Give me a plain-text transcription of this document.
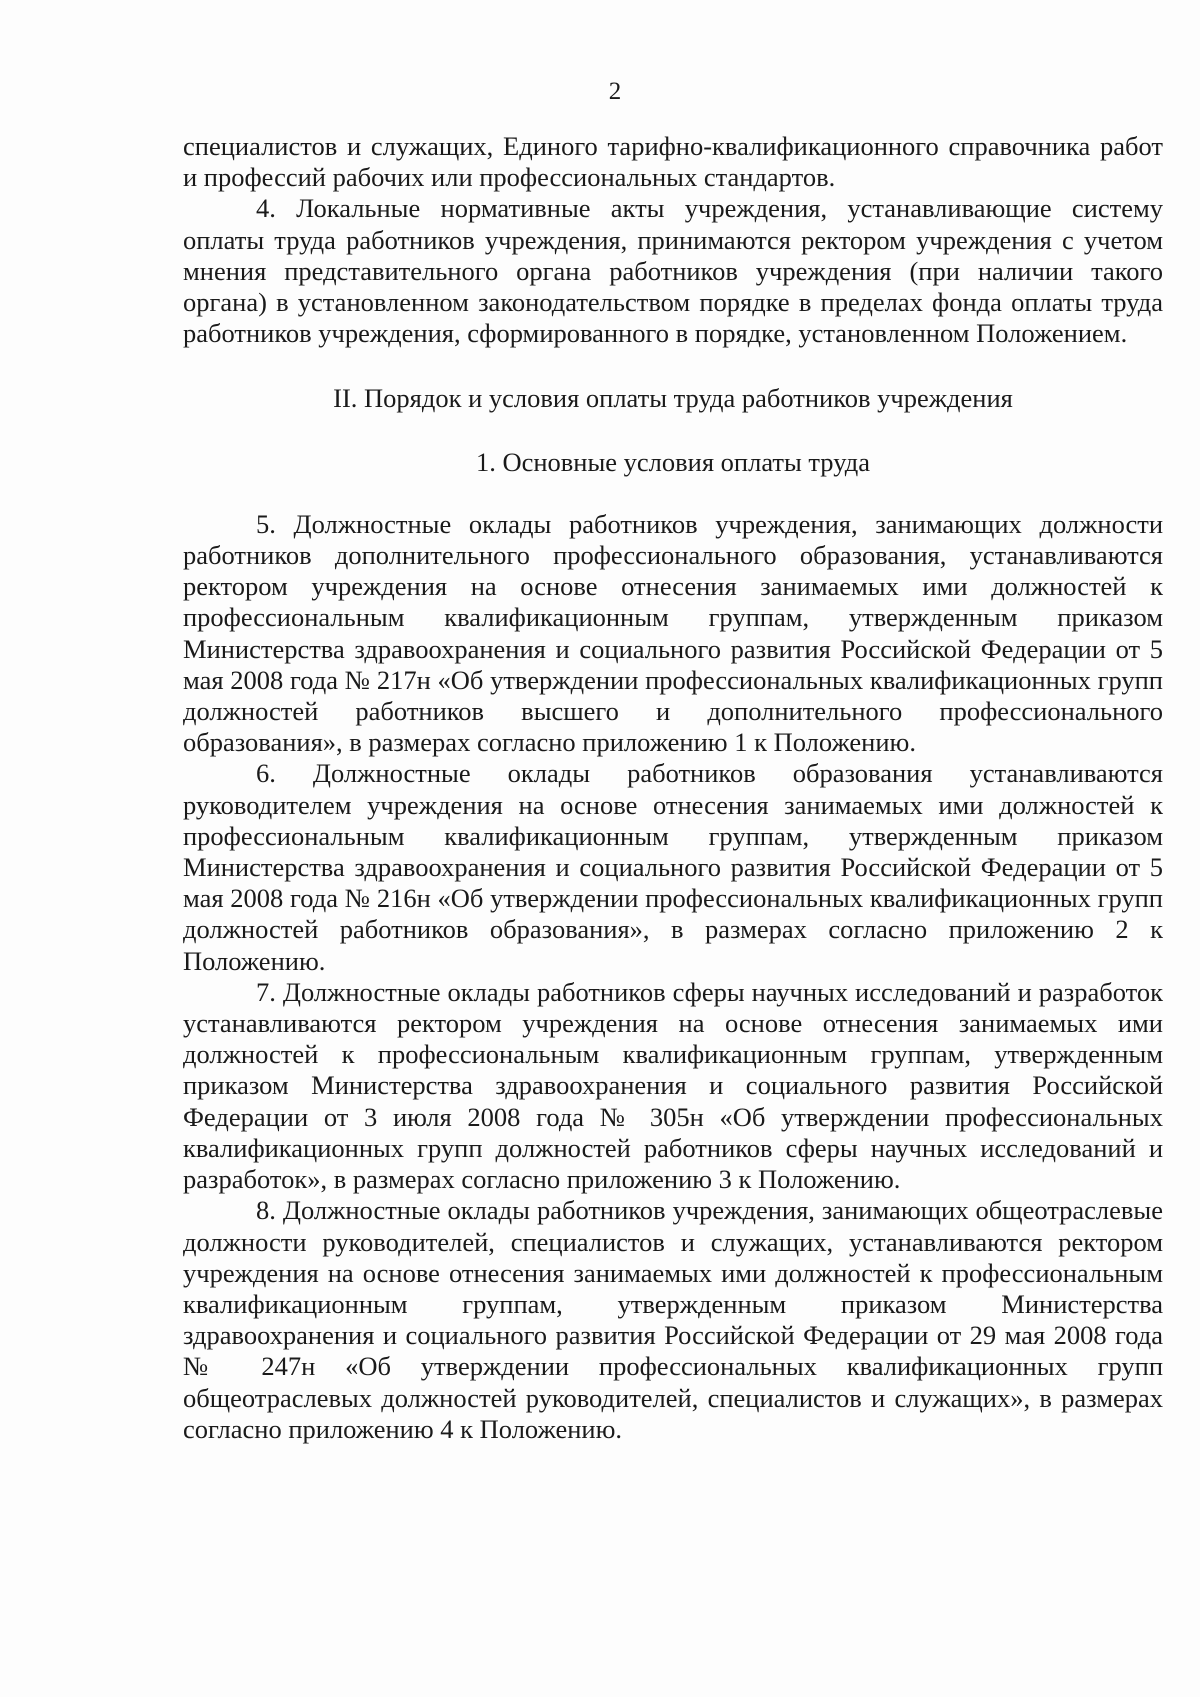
2

специалистов и служащих, Единого тарифно-квалификационного справочника работ и профессий рабочих или профессиональных стандартов.

4. Локальные нормативные акты учреждения, устанавливающие систему оплаты труда работников учреждения, принимаются ректором учреждения с учетом мнения представительного органа работников учреждения (при наличии такого органа) в установленном законодательством порядке в пределах фонда оплаты труда работников учреждения, сформированного в порядке, установленном Положением.

II. Порядок и условия оплаты труда работников учреждения

1. Основные условия оплаты труда

5. Должностные оклады работников учреждения, занимающих должности работников дополнительного профессионального образования, устанавливаются ректором учреждения на основе отнесения занимаемых ими должностей к профессиональным квалификационным группам, утвержденным приказом Министерства здравоохранения и социального развития Российской Федерации от 5 мая 2008 года № 217н «Об утверждении профессиональных квалификационных групп должностей работников высшего и дополнительного профессионального образования», в размерах согласно приложению 1 к Положению.

6. Должностные оклады работников образования устанавливаются руководителем учреждения на основе отнесения занимаемых ими должностей к профессиональным квалификационным группам, утвержденным приказом Министерства здравоохранения и социального развития Российской Федерации от 5 мая 2008 года № 216н «Об утверждении профессиональных квалификационных групп должностей работников образования», в размерах согласно приложению 2 к Положению.

7. Должностные оклады работников сферы научных исследований и разработок устанавливаются ректором учреждения на основе отнесения занимаемых ими должностей к профессиональным квалификационным группам, утвержденным приказом Министерства здравоохранения и социального развития Российской Федерации от 3 июля 2008 года № 305н «Об утверждении профессиональных квалификационных групп должностей работников сферы научных исследований и разработок», в размерах согласно приложению 3 к Положению.

8. Должностные оклады работников учреждения, занимающих общеотраслевые должности руководителей, специалистов и служащих, устанавливаются ректором учреждения на основе отнесения занимаемых ими должностей к профессиональным квалификационным группам, утвержденным приказом Министерства здравоохранения и социального развития Российской Федерации от 29 мая 2008 года № 247н «Об утверждении профессиональных квалификационных групп общеотраслевых должностей руководителей, специалистов и служащих», в размерах согласно приложению 4 к Положению.
